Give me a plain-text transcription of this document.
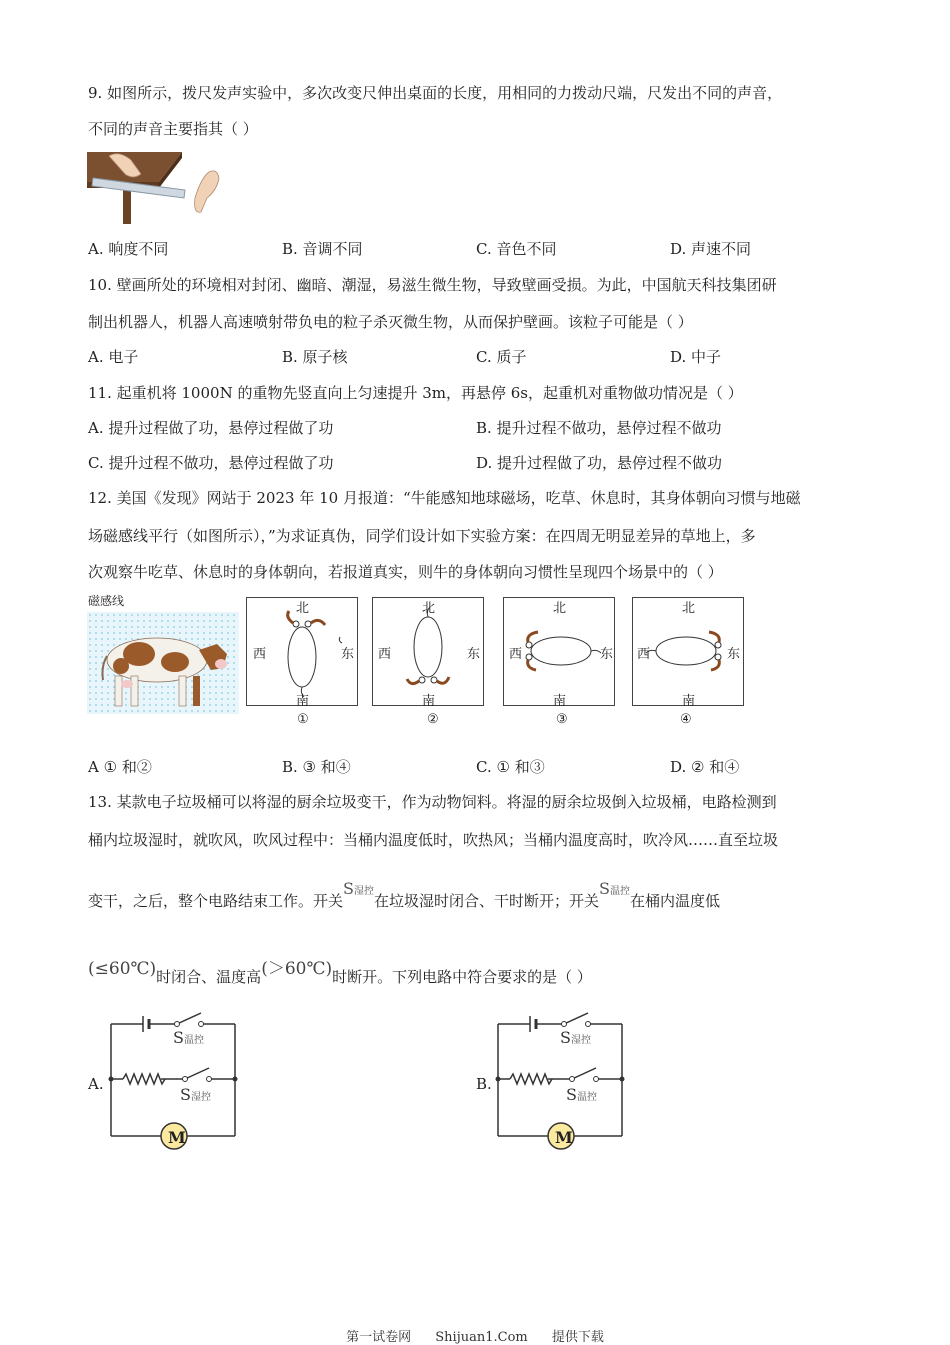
9. 如图所示，拨尺发声实验中，多次改变尺伸出桌面的长度，用相同的力拨动尺端，尺发出不同的声音，
不同的声音主要指其（ ）
A. 响度不同	B. 音调不同	C. 音色不同	D. 声速不同
10. 壁画所处的环境相对封闭、幽暗、潮湿，易滋生微生物，导致壁画受损。为此，中国航天科技集团研
制出机器人，机器人高速喷射带负电的粒子杀灭微生物，从而保护壁画。该粒子可能是（ ）
A. 电子	B. 原子核	C. 质子	D. 中子
11. 起重机将 1000N 的重物先竖直向上匀速提升 3m，再悬停 6s，起重机对重物做功情况是（ ）
A. 提升过程做了功，悬停过程做了功	B. 提升过程不做功，悬停过程不做功
C. 提升过程不做功，悬停过程做了功	D. 提升过程做了功，悬停过程不做功
12. 美国《发现》网站于 2023 年 10 月报道：“牛能感知地球磁场，吃草、休息时，其身体朝向习惯与地磁
场磁感线平行（如图所示），”为求证真伪，同学们设计如下实验方案：在四周无明显差异的草地上，多
次观察牛吃草、休息时的身体朝向，若报道真实，则牛的身体朝向习惯性呈现四个场景中的（ ）
磁感线	北
南
西	东
①
北
南
西	东
②
北
南
西	东
③
北
南
西	东
④
A ① 和②	B. ③ 和④	C. ① 和③	D. ② 和④
13. 某款电子垃圾桶可以将湿的厨余垃圾变干，作为动物饲料。将湿的厨余垃圾倒入垃圾桶，电路检测到
桶内垃圾湿时，就吹风，吹风过程中：当桶内温度低时，吹热风；当桶内温度高时，吹冷风……直至垃圾
变干，之后，整个电路结束工作。开关S湿控在垃圾湿时闭合、干时断开；开关S温控在桶内温度低
(≤60℃)时闭合、温度高(＞60℃)时断开。下列电路中符合要求的是（ ）
A.
M
S温控
S湿控
B.
M
S湿控
S温控
第一试卷网 Shijuan1.Com 提供下载
